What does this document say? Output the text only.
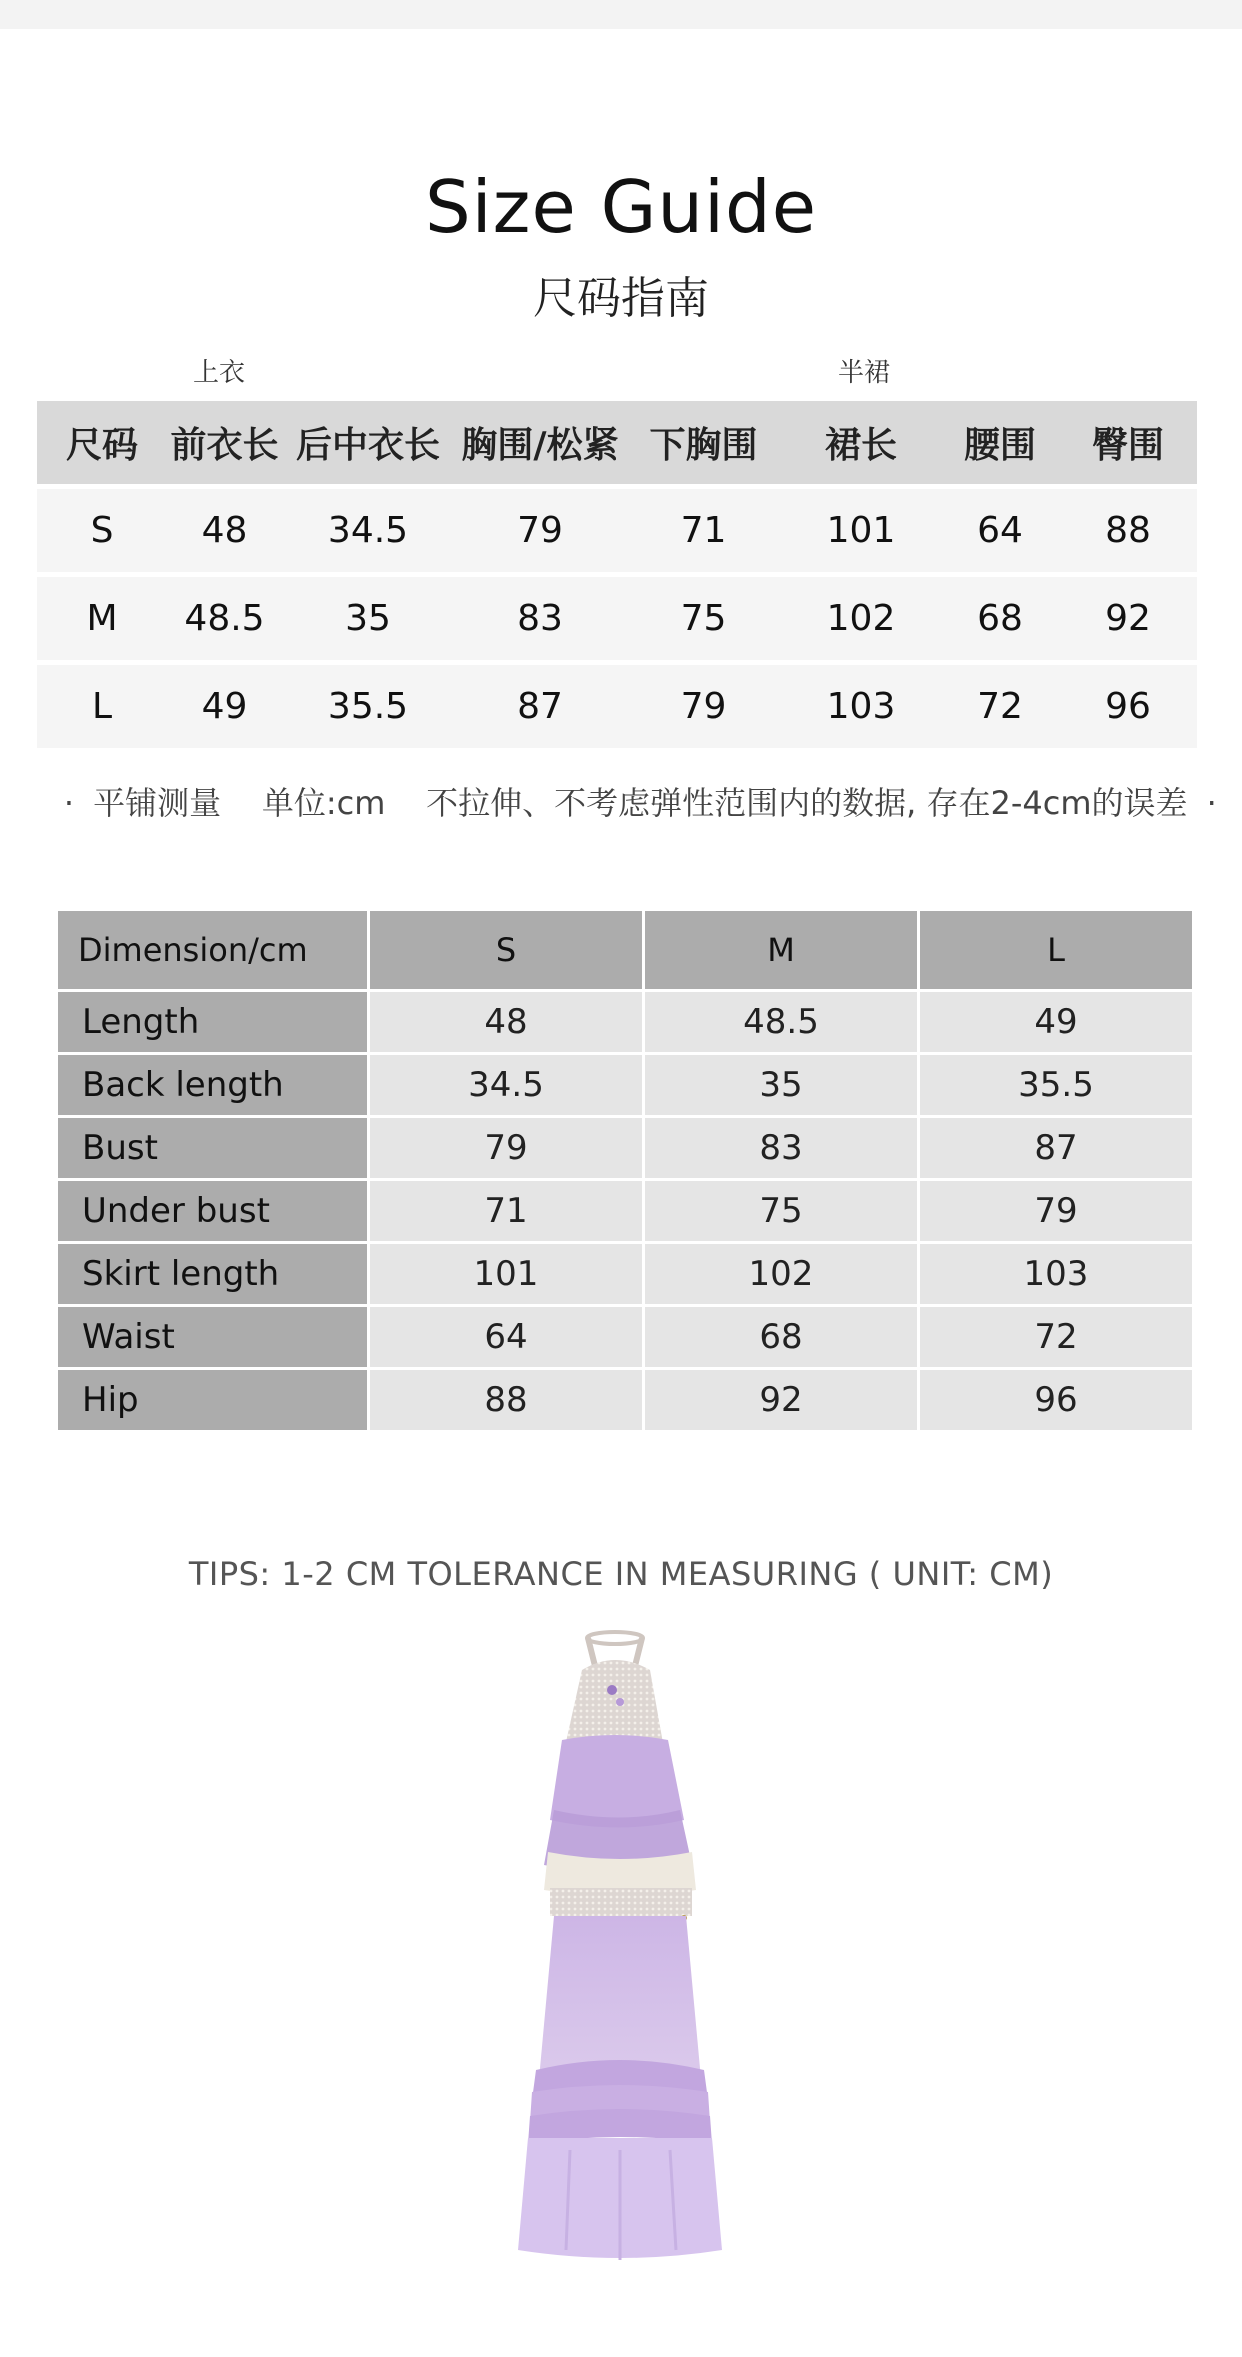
Size Guide
尺码指南
上衣	半裙
尺码	前衣长	后中衣长	胸围/松紧	下胸围	裙长	腰围	臀围
S	48	34.5	79	71	101	64	88
M	48.5	35	83	75	102	68	92
L	49	35.5	87	79	103	72	96
· 平铺测量 单位:cm 不拉伸、不考虑弹性范围内的数据, 存在2-4cm的误差 ·
Dimension/cm	S	M	L
Length	48	48.5	49
Back length	34.5	35	35.5
Bust	79	83	87
Under bust	71	75	79
Skirt length	101	102	103
Waist	64	68	72
Hip	88	92	96
TIPS: 1-2 CM TOLERANCE IN MEASURING ( UNIT: CM)
